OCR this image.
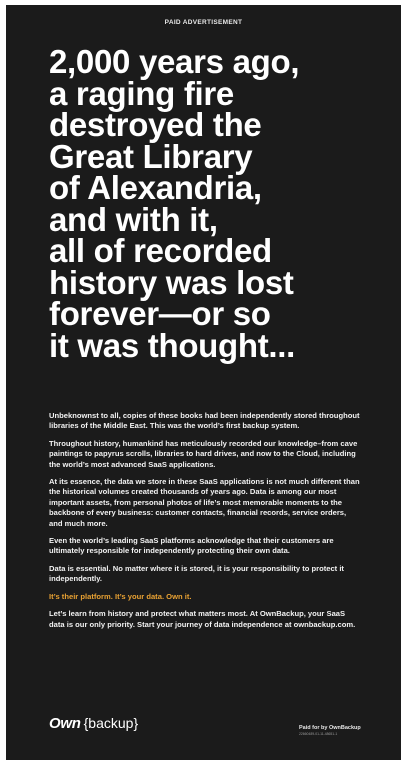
PAID ADVERTISEMENT
2,000 years ago,
a raging fire
destroyed the
Great Library
of Alexandria,
and with it,
all of recorded
history was lost
forever—or so
it was thought...

Unbeknownst to all, copies of these books had been independently stored throughout libraries of the Middle East. This was the world’s first backup system.

Throughout history, humankind has meticulously recorded our knowledge–from cave paintings to papyrus scrolls, libraries to hard drives, and now to the Cloud, including the world’s most advanced SaaS applications.

At its essence, the data we store in these SaaS applications is not much different than the historical volumes created thousands of years ago. Data is among our most important assets, from personal photos of life’s most memorable moments to the backbone of every business: customer contacts, financial records, service orders, and much more.

Even the world’s leading SaaS platforms acknowledge that their customers are ultimately responsible for independently protecting their own data.

Data is essential. No matter where it is stored, it is your responsibility to protect it independently.

It’s their platform. It’s your data. Own it.

Let’s learn from history and protect what matters most. At OwnBackup, your SaaS data is our only priority. Start your journey of data independence at ownbackup.com.

Own { backup }	Paid for by OwnBackup
22660489-01-11-48651-1
